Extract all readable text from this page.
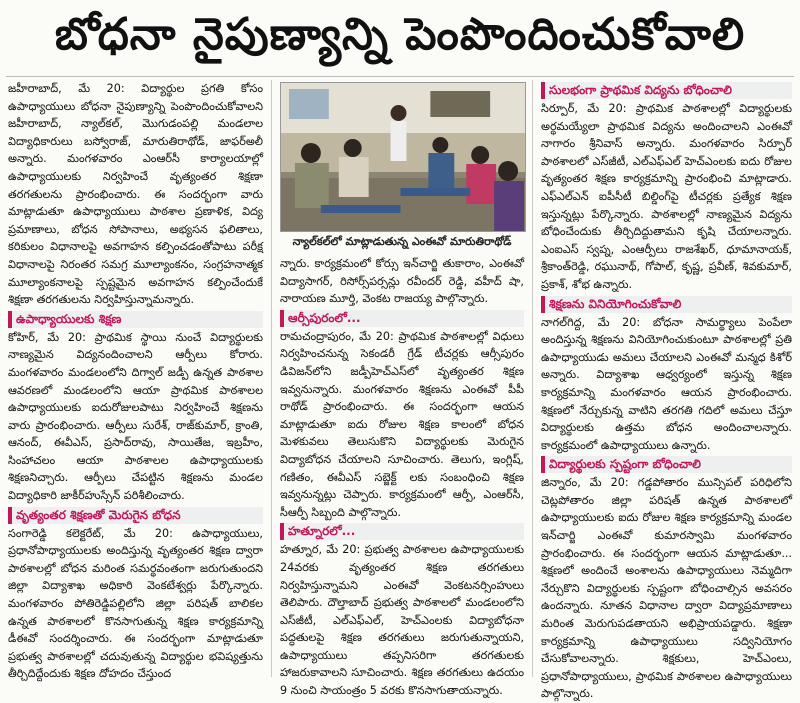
బోధనా నైపుణ్యాన్ని పెంపొందించుకోవాలి

జహీరాబాద్, మే 20: విద్యార్థుల ప్రగతి కోసం ఉపాధ్యాయులు బోధనా నైపుణ్యాన్ని పెంపొందించుకోవాలని జహీరాబాద్, న్యాల్‌కల్, మొగుడంపల్లి మండలాల విద్యాధికారులు బస్వోరాజ్, మారుతిరాథోడ్, జాఫర్‌అలీ అన్నారు. మంగళవారం ఎంఆర్‌సీ కార్యాలయాల్లో ఉపాధ్యాయులకు నిర్వహించే వృత్యంతర శిక్షణా తరగతులను ప్రారంభించారు. ఈ సందర్భంగా వారు మాట్లాడుతూ ఉపాధ్యాయులు పాఠశాల ప్రణాళిక, విద్య ప్రమాణాలు, బోధన సోపానాలు, అభ్యసన ఫలితాలు, కరికులం విధానాలపై అవగాహన కల్పించడంతోపాటు పరీక్ష విధానాలపై నిరంతర సమగ్ర మూల్యాంకనం, సంగ్రహనాత్మక మూల్యాంకనాలపై స్పష్టమైన అవగాహన కల్పించేందుకే శిక్షణా తరగతులను నిర్వహిస్తున్నామన్నారు.

ఉపాధ్యాయులకు శిక్షణ

కోహిర్, మే 20: ప్రాథమిక స్థాయి నుంచే విద్యార్థులకు నాణ్యమైన విద్యనందించాలని ఆర్పీలు కోరారు. మంగళవారం మండలంలోని దిగ్వాల్ జడ్పీ ఉన్నత పాఠశాల ఆవరణలో మండలంలోని ఆయా ప్రాథమిక పాఠశాలల ఉపాధ్యాయులకు ఐదురోజులపాటు నిర్వహించే శిక్షణను వారు ప్రారంభించారు. ఆర్పీలు సురేశ్, రాజ్‌కుమార్, క్రాంతి, ఆనంద్, ఈవీఎస్, ప్రసాద్‌రావు, సాయితేజ, ఇబ్రహీం, సింహాచలం ఆయా పాఠశాలల ఉపాధ్యాయులకు శిక్షణనిచ్చారు. ఆర్పీలు చేపట్టిన శిక్షణను మండల విద్యాధికారి జాకీర్‌హుస్సేన్ పరిశీలించారు.

వృత్యంతర శిక్షణతో మెరుగైన బోధన

సంగారెడ్డి కలెక్టరేట్, మే 20: ఉపాధ్యాయులు, ప్రధానోపాధ్యాయులకు అందిస్తున్న వృత్యంతర శిక్షణ ద్వారా పాఠశాలల్లో బోధన మరింత సమర్థవంతంగా జరుగుతుందని జిల్లా విద్యాశాఖ అధికారి వెంకటేశ్వర్లు పేర్కొన్నారు. మంగళవారం పోతిరెడ్డిపల్లిలోని జిల్లా పరిషత్ బాలికల ఉన్నత పాఠశాలలో కొనసాగుతున్న శిక్షణ కార్యక్రమాన్ని డీఈవో సందర్శించారు. ఈ సందర్భంగా మాట్లాడుతూ ప్రభుత్వ పాఠశాలల్లో చదువుతున్న విద్యార్థుల భవిష్యత్తును తీర్చిదిద్దేందుకు శిక్షణ దోహదం చేస్తుంద

న్యాల్‌కల్‌లో మాట్లాడుతున్న ఎంఈవో మారుతిరాథోడ్

న్నారు. కార్యక్రమంలో కోర్సు ఇన్‌చార్జి తుకారాం, ఎంఈవో విద్యాసాగర్, రిసోర్స్‌పర్సన్లు రవీందర్ రెడ్డి, వహీద్ షా, నారాయణ మూర్తి, వెంకట రాజయ్య పాల్గొన్నారు.

ఆర్సీపురంలో...

రామచంద్రాపురం, మే 20: ప్రాథమిక పాఠశాలల్లో విధులు నిర్వహించనున్న సెకండరీ గ్రేడ్ టీచర్లకు ఆర్సీపురం డివిజన్‌లోని జడ్పీహెచ్‌ఎస్‌లో వృత్యంతర శిక్షణ ఇవ్వనున్నారు. మంగళవారం శిక్షణను ఎంఈవో పీపీ రాథోడ్ ప్రారంభించారు. ఈ సందర్భంగా ఆయన మాట్లాడుతూ ఐదు రోజుల శిక్షణ కాలంలో బోధన మెళకువలు తెలుసుకొని విద్యార్థులకు మెరుగైన విద్యాబోధన చేయాలని సూచించారు. తెలుగు, ఇంగ్లిష్, గణితం, ఈవీఎస్ సబ్జెక్ట్ లకు సంబంధించి శిక్షణ ఇవ్వనున్నట్లు చెప్పారు. కార్యక్రమంలో ఆర్పీ, ఎంఆర్‌సీ, సీఆర్పీ సిబ్బంది పాల్గొన్నారు.

హత్నూరలో...

హత్నూర, మే 20: ప్రభుత్వ పాఠశాలల ఉపాధ్యాయులకు 24వరకు వృత్యంతర శిక్షణ తరగతులు నిర్వహిస్తున్నామని ఎంఈవో వెంకటనర్సింహులు తెలిపారు. దౌల్తాబాద్ ప్రభుత్వ పాఠశాలలో మండలంలోని ఎస్‌జీటీ, ఎల్‌ఎఫ్‌ఎల్, హెచ్‌ఎంలకు విద్యాబోధనా పద్ధతులపై శిక్షణ తరగతులు జరుగుతున్నాయని, ఉపాధ్యాయులు తప్పనిసరిగా తరగతులకు హాజరుకావాలని సూచించారు. శిక్షణ తరగతులు ఉదయం 9 నుంచి సాయంత్రం 5 వరకు కొనసాగుతాయన్నారు.

సులభంగా ప్రాథమిక విద్యను బోధించాలి

సిర్పూర్, మే 20: ప్రాథమిక పాఠశాలల్లో విద్యార్థులకు అర్థమయ్యేలా ప్రాథమిక విద్యను అందించాలని ఎంఈవో నాగారం శ్రీనివాస్ అన్నారు. మంగళవారం సిర్పూర్ పాఠశాలలో ఎస్‌జీటీ, ఎల్‌ఎఫ్‌ఎల్ హెచ్‌ఎంలకు ఐదు రోజుల వృత్యంతర శిక్షణ కార్యక్రమాన్ని ప్రారంభించి మాట్లాడారు. ఎఫ్‌ఎల్‌ఎన్ ఐపీసీటీ బిల్డింగ్‌పై టీచర్లకు ప్రత్యేక శిక్షణ ఇస్తున్నట్లు పేర్కొన్నారు. పాఠశాలల్లో నాణ్యమైన విద్యను బోధించేందుకు తీర్చిదిద్దుతామని కృషి చేయాలన్నారు. ఎంఐఎస్ స్వప్న, ఎంఆర్పీలు రాజశేఖర్, ధూమానాయక్, శ్రీకాంత్‌రెడ్డి, రఘునాథ్, గోపాల్, కృష్ణ, ప్రవీణ్, శివకుమార్, ప్రకాశ్, శోభ ఉన్నారు.

శిక్షణను వినియోగించుకోవాలి

నాగల్‌గిద్ద, మే 20: బోధనా సామర్థ్యాలు పెంపేలా అందిస్తున్న శిక్షణను వినియోగించుకుంటూ పాఠశాలల్లో ప్రతి ఉపాధ్యాయుడు అమలు చేయాలని ఎంఈవో మన్మధ కిశోర్ అన్నారు. విద్యాశాఖ ఆధ్వర్యంలో ఇస్తున్న శిక్షణ కార్యక్రమాన్ని మంగళవారం ఆయన ప్రారంభించారు. శిక్షణలో నేర్చుకున్న వాటిని తరగతి గదిలో అమలు చేస్తూ విద్యార్థులకు ఉత్తమ బోధన అందించాలన్నారు. కార్యక్రమంలో ఉపాధ్యాయులు ఉన్నారు.

విద్యార్థులకు స్పష్టంగా బోధించాలి

జిన్నారం, మే 20: గడ్డపోతారం మున్సిపల్ పరిధిలోని చెట్లపోతారం జిల్లా పరిషత్ ఉన్నత పాఠశాలలో ఉపాధ్యాయులకు ఐదు రోజుల శిక్షణ కార్యక్రమాన్ని మండల ఇన్‌చార్జి ఎంఈవో కుమారస్వామి మంగళవారం ప్రారంభించారు. ఈ సందర్భంగా ఆయన మాట్లాడుతూ... శిక్షణలో అందించే అంశాలను ఉపాధ్యాయులు నెమ్మదిగా నేర్చుకొని విద్యార్థులకు స్పష్టంగా బోధించాల్సిన అవసరం ఉందన్నారు. నూతన విధానాల ద్వారా విద్యాప్రమాణాలు మరింత మెరుగుపడతాయని అభిప్రాయపడ్డారు. శిక్షణా కార్యక్రమాన్ని ఉపాధ్యాయులు సద్వినియోగం చేసుకోవాలన్నారు. శిక్షకులు, హెచ్‌ఎంలు, ప్రధానోపాధ్యాయులు, ప్రాథమిక పాఠశాలల ఉపాధ్యాయులు పాల్గొన్నారు.
